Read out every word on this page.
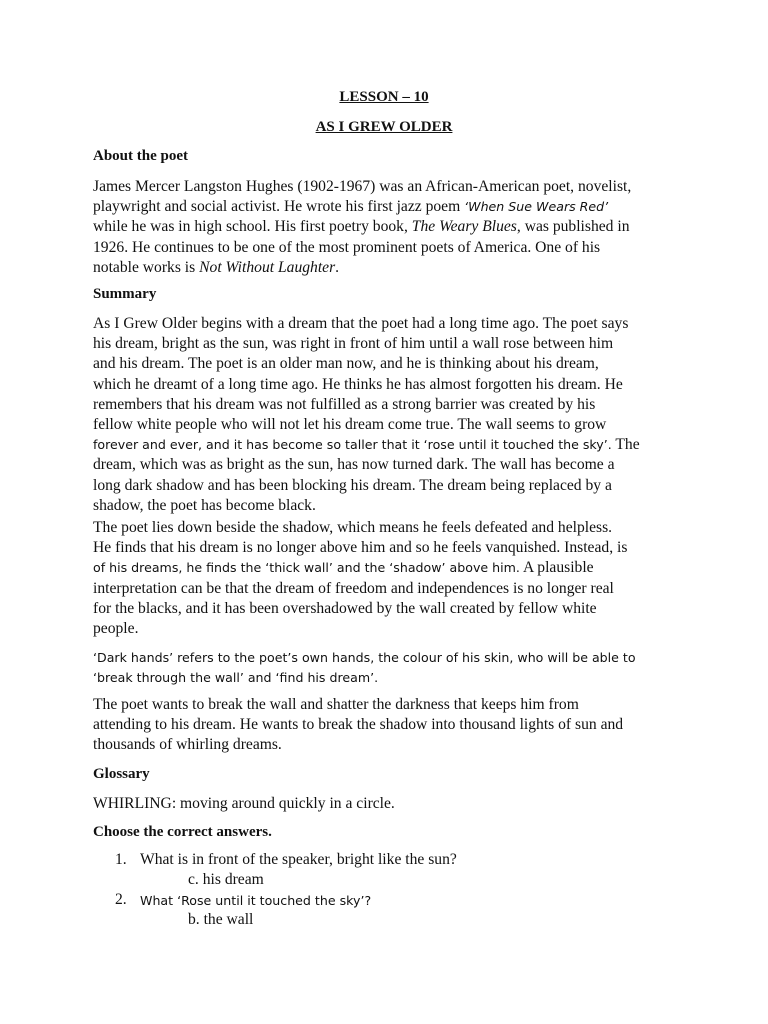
LESSON – 10
AS I GREW OLDER
About the poet
James Mercer Langston Hughes (1902-1967) was an African-American poet, novelist,
playwright and social activist. He wrote his first jazz poem ‘When Sue Wears Red’
while he was in high school. His first poetry book, The Weary Blues, was published in
1926. He continues to be one of the most prominent poets of America. One of his
notable works is Not Without Laughter.
Summary
As I Grew Older begins with a dream that the poet had a long time ago. The poet says
his dream, bright as the sun, was right in front of him until a wall rose between him
and his dream. The poet is an older man now, and he is thinking about his dream,
which he dreamt of a long time ago. He thinks he has almost forgotten his dream. He
remembers that his dream was not fulfilled as a strong barrier was created by his
fellow white people who will not let his dream come true. The wall seems to grow
forever and ever, and it has become so taller that it ‘rose until it touched the sky’. The
dream, which was as bright as the sun, has now turned dark. The wall has become a
long dark shadow and has been blocking his dream. The dream being replaced by a
shadow, the poet has become black.
The poet lies down beside the shadow, which means he feels defeated and helpless.
He finds that his dream is no longer above him and so he feels vanquished. Instead, is
of his dreams, he finds the ‘thick wall’ and the ‘shadow’ above him. A plausible
interpretation can be that the dream of freedom and independences is no longer real
for the blacks, and it has been overshadowed by the wall created by fellow white
people.
‘Dark hands’ refers to the poet’s own hands, the colour of his skin, who will be able to
‘break through the wall’ and ‘find his dream’.
The poet wants to break the wall and shatter the darkness that keeps him from
attending to his dream. He wants to break the shadow into thousand lights of sun and
thousands of whirling dreams.
Glossary
WHIRLING: moving around quickly in a circle.
Choose the correct answers.
1. What is in front of the speaker, bright like the sun?
c. his dream
2. What ‘Rose until it touched the sky’?
b. the wall
